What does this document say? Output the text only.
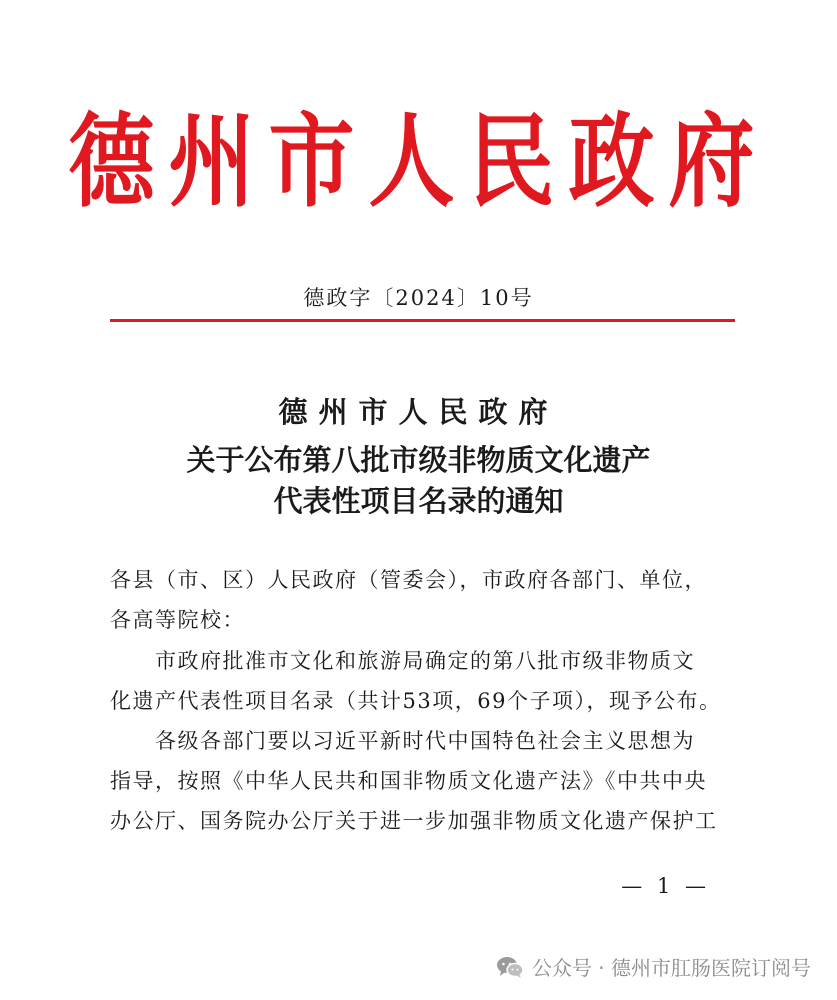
德州市人民政府
德政字〔2024〕10号
德州市人民政府
关于公布第八批市级非物质文化遗产
代表性项目名录的通知
各县（市、区）人民政府（管委会），市政府各部门、单位，
各高等院校：
　　市政府批准市文化和旅游局确定的第八批市级非物质文
化遗产代表性项目名录（共计53项，69个子项），现予公布。
　　各级各部门要以习近平新时代中国特色社会主义思想为
指导，按照《中华人民共和国非物质文化遗产法》《中共中央
办公厅、国务院办公厅关于进一步加强非物质文化遗产保护工
— 1 —
公众号 · 德州市肛肠医院订阅号
